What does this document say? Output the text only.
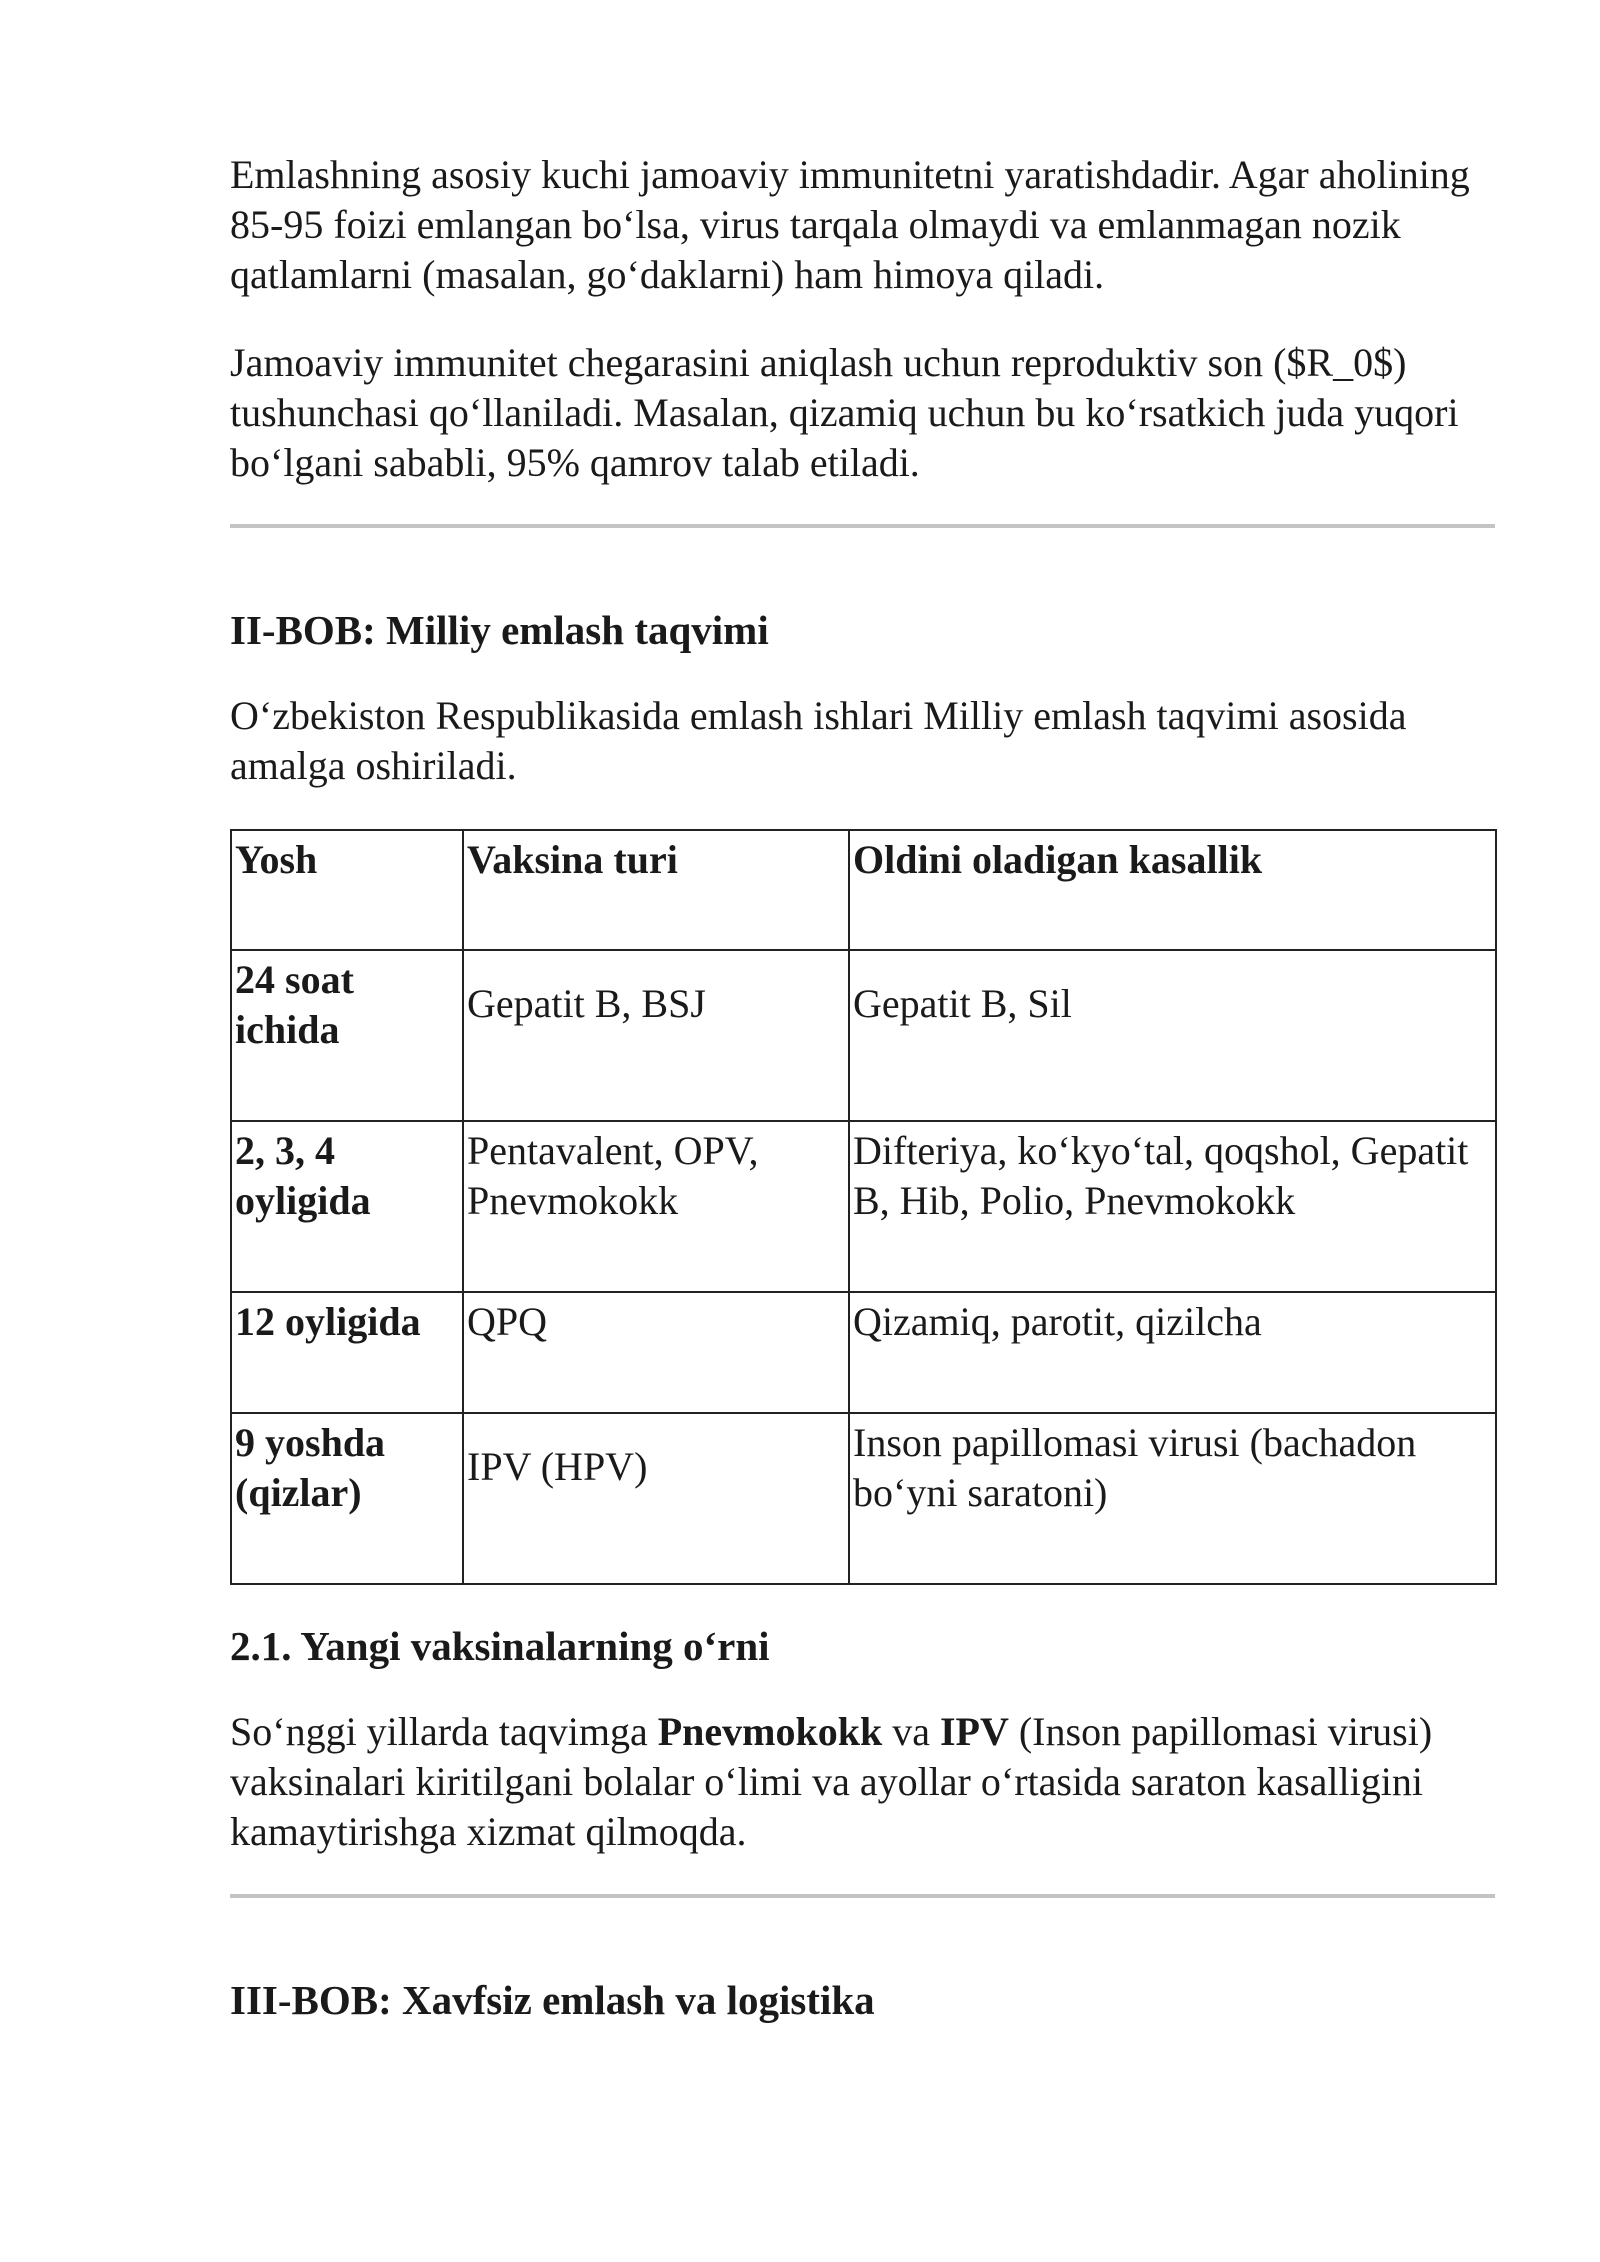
Emlashning asosiy kuchi jamoaviy immunitetni yaratishdadir. Agar aholining 85-95 foizi emlangan bo‘lsa, virus tarqala olmaydi va emlanmagan nozik qatlamlarni (masalan, go‘daklarni) ham himoya qiladi.

Jamoaviy immunitet chegarasini aniqlash uchun reproduktiv son ($R_0$) tushunchasi qo‘llaniladi. Masalan, qizamiq uchun bu ko‘rsatkich juda yuqori bo‘lgani sababli, 95% qamrov talab etiladi.

II-BOB: Milliy emlash taqvimi

O‘zbekiston Respublikasida emlash ishlari Milliy emlash taqvimi asosida amalga oshiriladi.

Yosh	Vaksina turi	Oldini oladigan kasallik
24 soat ichida	Gepatit B, BSJ	Gepatit B, Sil
2, 3, 4 oyligida	Pentavalent, OPV, Pnevmokokk	Difteriya, ko‘kyo‘tal, qoqshol, Gepatit B, Hib, Polio, Pnevmokokk
12 oyligida	QPQ	Qizamiq, parotit, qizilcha
9 yoshda (qizlar)	IPV (HPV)	Inson papillomasi virusi (bachadon bo‘yni saratoni)
2.1. Yangi vaksinalarning o‘rni

So‘nggi yillarda taqvimga Pnevmokokk va IPV (Inson papillomasi virusi) vaksinalari kiritilgani bolalar o‘limi va ayollar o‘rtasida saraton kasalligini kamaytirishga xizmat qilmoqda.

III-BOB: Xavfsiz emlash va logistika
